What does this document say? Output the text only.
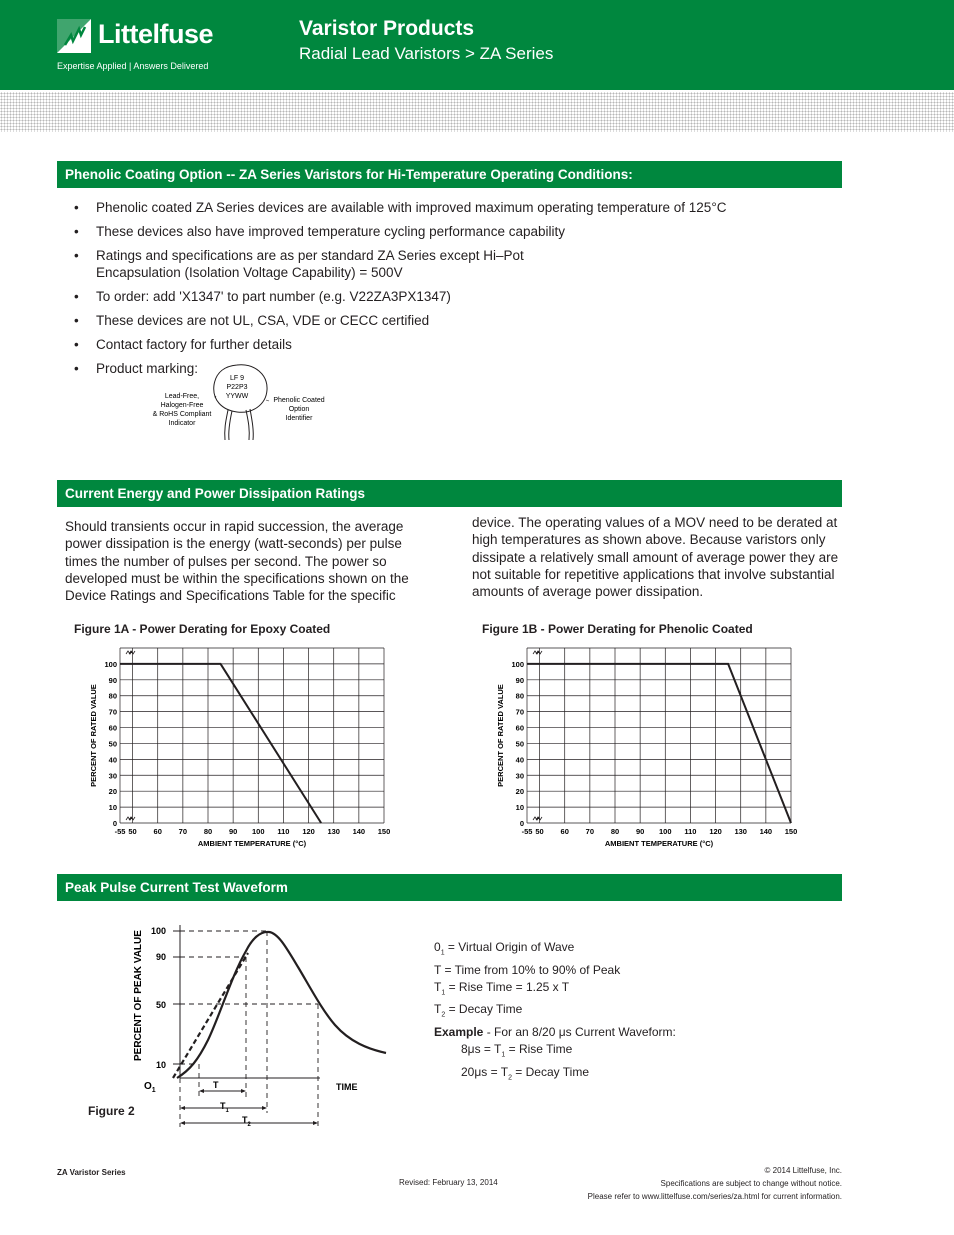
Littelfuse
Expertise Applied | Answers Delivered
Varistor Products
Radial Lead Varistors > ZA Series
Phenolic Coating Option -- ZA Series Varistors for Hi-Temperature Operating Conditions:
• Phenolic coated ZA Series devices are available with improved maximum operating temperature of 125°C
• These devices also have improved temperature cycling performance capability
• Ratings and specifications are as per standard ZA Series except Hi–Pot Encapsulation (Isolation Voltage Capability) = 500V
• To order: add 'X1347' to part number (e.g. V22ZA3PX1347)
• These devices are not UL, CSA, VDE or CECC certified
• Contact factory for further details
• Product marking:
LF 9
P22P3
YYWW
Lead-Free,
Halogen-Free
& RoHS Compliant
Indicator
Phenolic Coated
Option
Identifier
Current Energy and Power Dissipation Ratings
Should transients occur in rapid succession, the average power dissipation is the energy (watt-seconds) per pulse times the number of pulses per second. The power so developed must be within the specifications shown on the Device Ratings and Specifications Table for the specific
device. The operating values of a MOV need to be derated at high temperatures as shown above. Because varistors only dissipate a relatively small amount of average power they are not suitable for repetitive applications that involve substantial amounts of average power dissipation.
Figure 1A - Power Derating for Epoxy Coated	Figure 1B - Power Derating for Phenolic Coated
0
10
20
30
40
50
60
70
80
90
100
-55 50 60 70 80 90 100 110 120 130 140 150
AMBIENT TEMPERATURE (°C)
PERCENT OF RATED VALUE
0
10
20
30
40
50
60
70
80
90
100
-55 50 60 70 80 90 100 110 120 130 140 150
AMBIENT TEMPERATURE (°C)
PERCENT OF RATED VALUE
Peak Pulse Current Test Waveform
PERCENT OF PEAK VALUE 100
90
50
10
$O_1$	TIME
T
$T_1$
$T_2$
Figure 2
$0_1$ = Virtual Origin of Wave
T = Time from 10% to 90% of Peak
$T_1$ = Rise Time = 1.25 x T
$T_2$ = Decay Time
Example - For an 8/20 μs Current Waveform:
$8\mu s = T_1$ = Rise Time
$20\mu s = T_2$ = Decay Time
ZA Varistor Series
Revised: February 13, 2014
© 2014 Littelfuse, Inc.
Specifications are subject to change without notice.
Please refer to www.littelfuse.com/series/za.html for current information.
